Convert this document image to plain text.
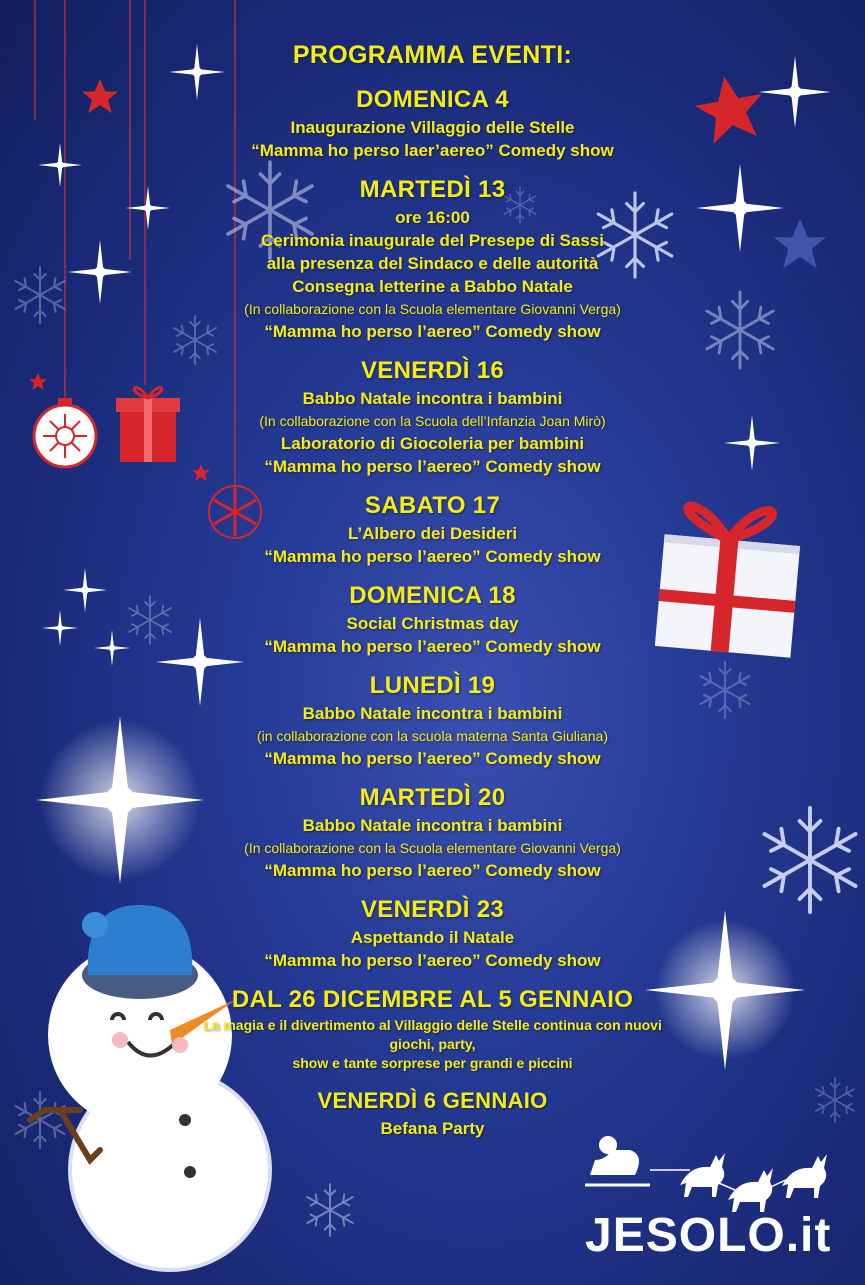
PROGRAMMA EVENTI:
DOMENICA 4
Inaugurazione Villaggio delle Stelle
“Mamma ho perso laer’aereo” Comedy show
MARTEDÌ 13
ore 16:00
Cerimonia inaugurale del Presepe di Sassi
alla presenza del Sindaco e delle autorità
Consegna letterine a Babbo Natale
(In collaborazione con la Scuola elementare Giovanni Verga)
“Mamma ho perso l’aereo” Comedy show
VENERDÌ 16
Babbo Natale incontra i bambini
(In collaborazione con la Scuola dell’Infanzia Joan Mirò)
Laboratorio di Giocoleria per bambini
“Mamma ho perso l’aereo” Comedy show
SABATO 17
L’Albero dei Desideri
“Mamma ho perso l’aereo” Comedy show
DOMENICA 18
Social Christmas day
“Mamma ho perso l’aereo” Comedy show
LUNEDÌ 19
Babbo Natale incontra i bambini
(in collaborazione con la scuola materna Santa Giuliana)
“Mamma ho perso l’aereo” Comedy show
MARTEDÌ 20
Babbo Natale incontra i bambini
(In collaborazione con la Scuola elementare Giovanni Verga)
“Mamma ho perso l’aereo” Comedy show
VENERDÌ 23
Aspettando il Natale
“Mamma ho perso l’aereo” Comedy show
DAL 26 DICEMBRE AL 5 GENNAIO
La magia e il divertimento al Villaggio delle Stelle continua con nuovi giochi, party,
show e tante sorprese per grandi e piccini
VENERDÌ 6 GENNAIO
Befana Party
JESOLO.it
